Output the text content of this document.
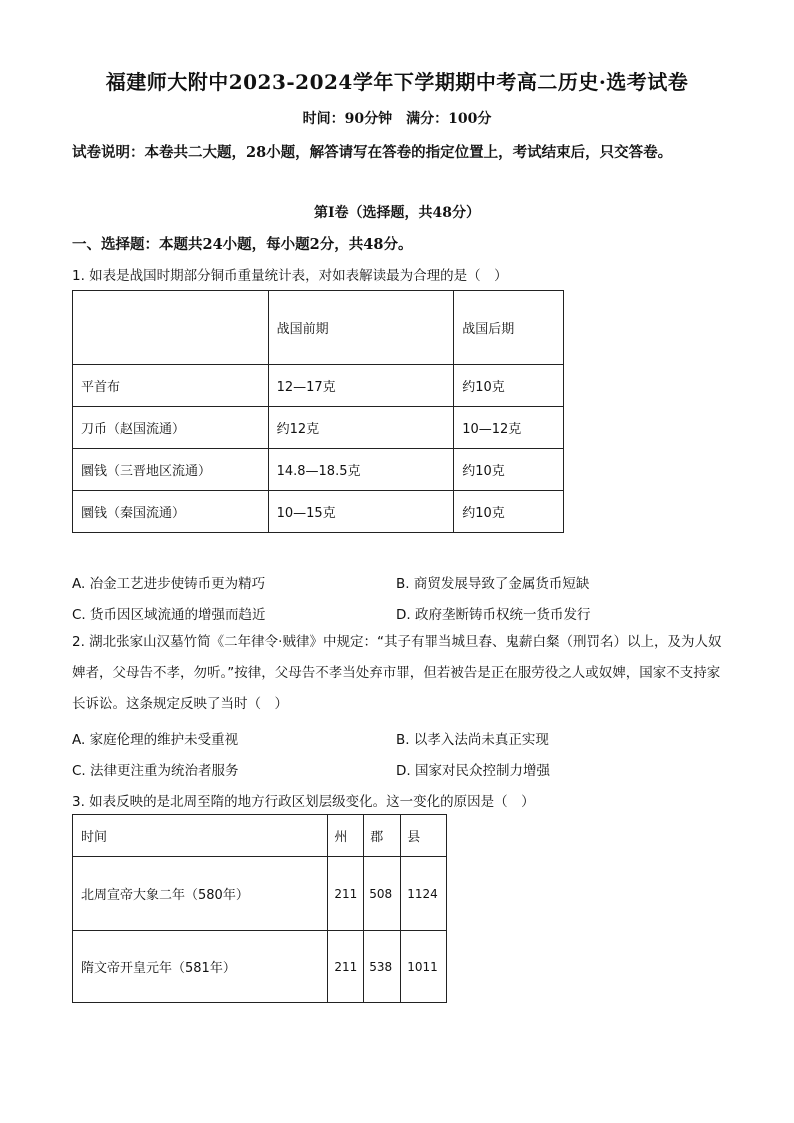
福建师大附中2023-2024学年下学期期中考高二历史·选考试卷
时间：90分钟　满分：100分
试卷说明：本卷共二大题，28小题，解答请写在答卷的指定位置上，考试结束后，只交答卷。
第Ⅰ卷（选择题，共48分）
一、选择题：本题共24小题，每小题2分，共48分。
1. 如表是战国时期部分铜币重量统计表，对如表解读最为合理的是（　）
	战国前期	战国后期
平首布	12—17克	约10克
刀币（赵国流通）	约12克	10—12克
圜钱（三晋地区流通）	14.8—18.5克	约10克
圜钱（秦国流通）	10—15克	约10克
A. 冶金工艺进步使铸币更为精巧	B. 商贸发展导致了金属货币短缺
C. 货币因区域流通的增强而趋近	D. 政府垄断铸币权统一货币发行
2. 湖北张家山汉墓竹简《二年律令·贼律》中规定：“其子有罪当城旦舂、鬼薪白粲（刑罚名）以上，及为人奴婢者，父母告不孝，勿听。”按律，父母告不孝当处弃市罪，但若被告是正在服劳役之人或奴婢，国家不支持家长诉讼。这条规定反映了当时（　）
A. 家庭伦理的维护未受重视	B. 以孝入法尚未真正实现
C. 法律更注重为统治者服务	D. 国家对民众控制力增强
3. 如表反映的是北周至隋的地方行政区划层级变化。这一变化的原因是（　）
时间	州	郡	县
北周宣帝大象二年（580年）	211	508	1124
隋文帝开皇元年（581年）	211	538	1011
